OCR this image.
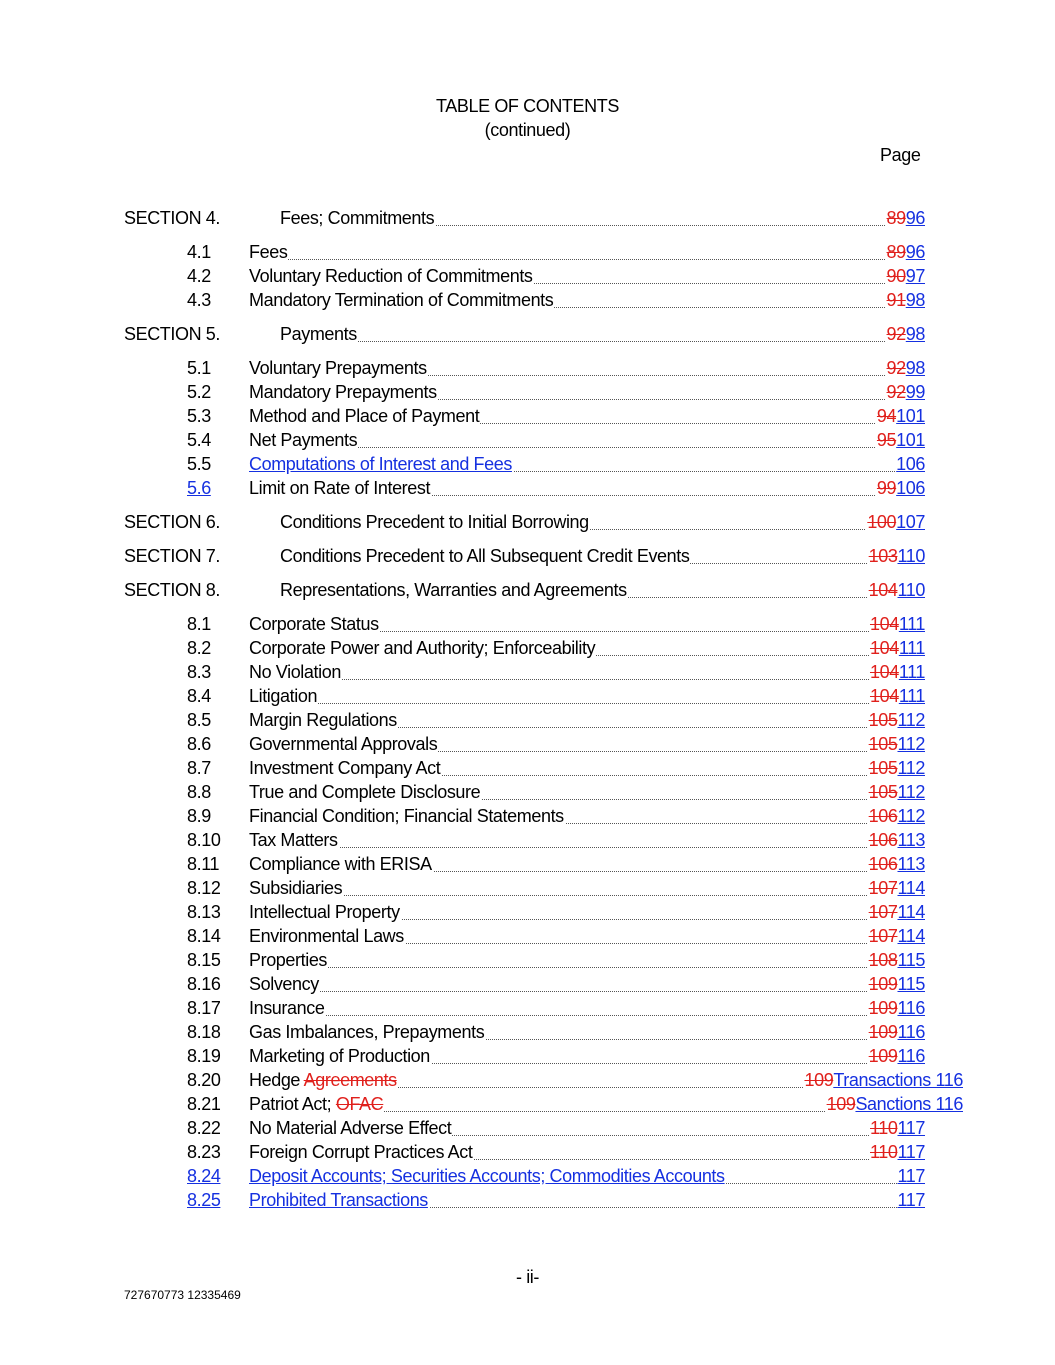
TABLE OF CONTENTS
(continued)
Page
SECTION 4.	Fees; Commitments	8996
4.1 Fees	8996
4.2 Voluntary Reduction of Commitments	9097
4.3 Mandatory Termination of Commitments	9198
SECTION 5.	Payments	9298
5.1 Voluntary Prepayments	9298
5.2 Mandatory Prepayments	9299
5.3 Method and Place of Payment	94101
5.4 Net Payments	95101
5.5 Computations of Interest and Fees	106
5.6	Limit on Rate of Interest	99106
SECTION 6.	Conditions Precedent to Initial Borrowing	100107
SECTION 7.	Conditions Precedent to All Subsequent Credit Events	103110
SECTION 8.	Representations, Warranties and Agreements	104110
8.1 Corporate Status	104111
8.2 Corporate Power and Authority; Enforceability	104111
8.3 No Violation	104111
8.4 Litigation	104111
8.5 Margin Regulations	105112
8.6 Governmental Approvals	105112
8.7 Investment Company Act	105112
8.8 True and Complete Disclosure	105112
8.9 Financial Condition; Financial Statements	106112
8.10 Tax Matters	106113
8.11 Compliance with ERISA	106113
8.12 Subsidiaries	107114
8.13 Intellectual Property	107114
8.14 Environmental Laws	107114
8.15 Properties	108115
8.16 Solvency	109115
8.17 Insurance	109116
8.18 Gas Imbalances, Prepayments	109116
8.19 Marketing of Production	109116
8.20 Hedge Agreements	109Transactions 116
8.21 Patriot Act; OFAC	109Sanctions 116
8.22 No Material Adverse Effect	110117
8.23 Foreign Corrupt Practices Act	110117
8.24	Deposit Accounts; Securities Accounts; Commodities Accounts	117
8.25	Prohibited Transactions	117
- ii-
727670773 12335469
